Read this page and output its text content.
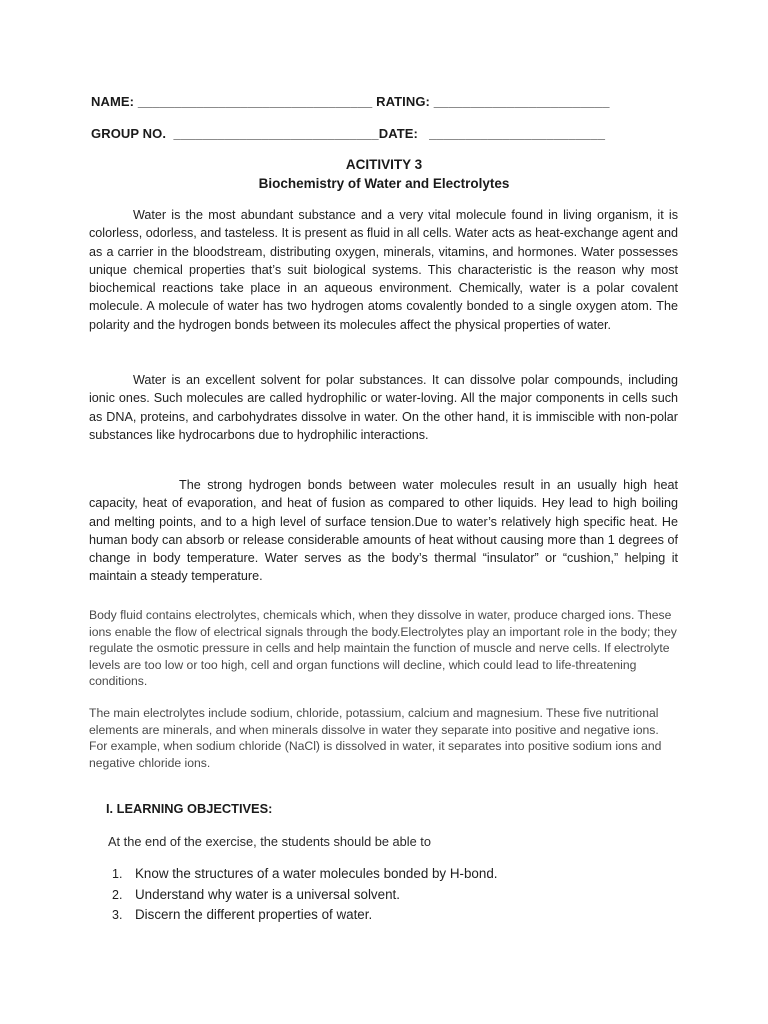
NAME: ________________________________ RATING: ________________________
GROUP NO.  ____________________________DATE:   ________________________
ACITIVITY 3
Biochemistry of Water and Electrolytes
Water is the most abundant substance and a very vital molecule found in living organism, it is colorless, odorless, and tasteless. It is present as fluid in all cells. Water acts as heat-exchange agent and as a carrier in the bloodstream, distributing oxygen, minerals, vitamins, and hormones. Water possesses unique chemical properties that’s suit biological systems. This characteristic is the reason why most biochemical reactions take place in an aqueous environment. Chemically, water is a polar covalent molecule. A molecule of water has two hydrogen atoms covalently bonded to a single oxygen atom. The polarity and the hydrogen bonds between its molecules affect the physical properties of water.
Water is an excellent solvent for polar substances. It can dissolve polar compounds, including ionic ones. Such molecules are called hydrophilic or water-loving. All the major components in cells such as DNA, proteins, and carbohydrates dissolve in water. On the other hand, it is immiscible with non-polar substances like hydrocarbons due to hydrophilic interactions.
The strong hydrogen bonds between water molecules result in an usually high heat capacity, heat of evaporation, and heat of fusion as compared to other liquids. Hey lead to high boiling and melting points, and to a high level of surface tension.Due to water’s relatively high specific heat. He human body can absorb or release considerable amounts of heat without causing more than 1 degrees of change in body temperature. Water serves as the body’s thermal “insulator” or “cushion,” helping it maintain a steady temperature.
Body fluid contains electrolytes, chemicals which, when they dissolve in water, produce charged ions. These ions enable the flow of electrical signals through the body.Electrolytes play an important role in the body; they regulate the osmotic pressure in cells and help maintain the function of muscle and nerve cells. If electrolyte levels are too low or too high, cell and organ functions will decline, which could lead to life-threatening conditions.
The main electrolytes include sodium, chloride, potassium, calcium and magnesium. These five nutritional elements are minerals, and when minerals dissolve in water they separate into positive and negative ions. For example, when sodium chloride (NaCl) is dissolved in water, it separates into positive sodium ions and negative chloride ions.
I. LEARNING OBJECTIVES:
At the end of the exercise, the students should be able to
1. Know the structures of a water molecules bonded by H-bond.
2. Understand why water is a universal solvent.
3. Discern the different properties of water.
